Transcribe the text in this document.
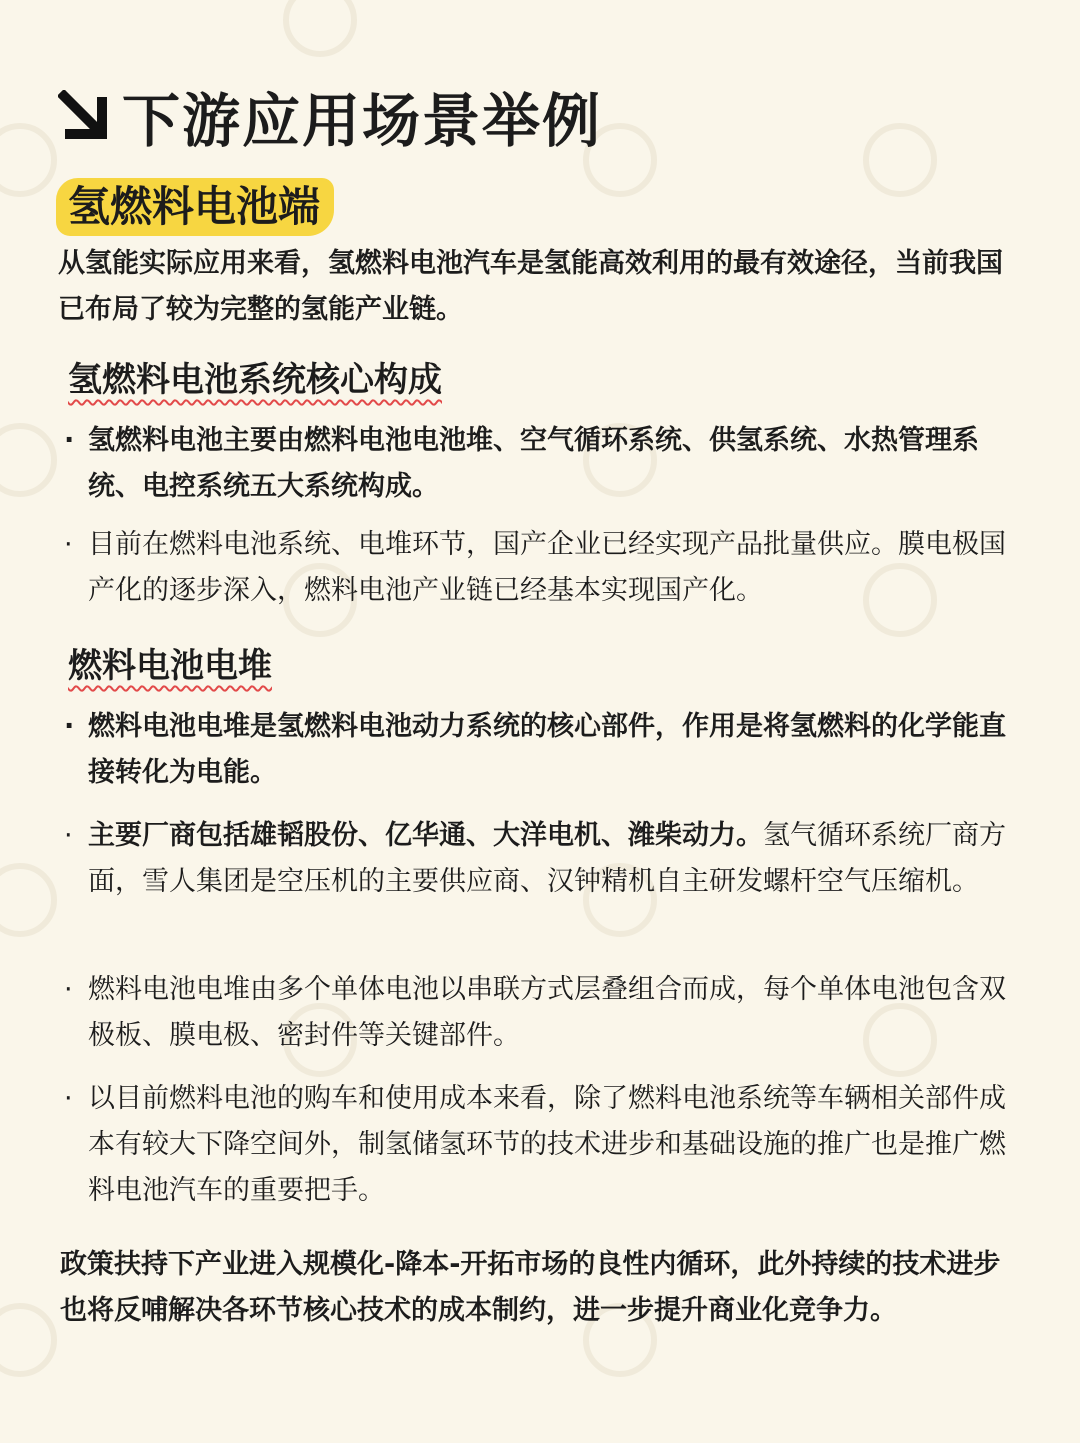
下游应用场景举例
氢燃料电池端
从氢能实际应用来看，氢燃料电池汽车是氢能高效利用的最有效途径，当前我国已布局了较为完整的氢能产业链。
氢燃料电池系统核心构成
· 氢燃料电池主要由燃料电池电池堆、空气循环系统、供氢系统、水热管理系统、电控系统五大系统构成。
· 目前在燃料电池系统、电堆环节，国产企业已经实现产品批量供应。膜电极国产化的逐步深入，燃料电池产业链已经基本实现国产化。
燃料电池电堆
· 燃料电池电堆是氢燃料电池动力系统的核心部件，作用是将氢燃料的化学能直接转化为电能。
· 主要厂商包括雄韬股份、亿华通、大洋电机、潍柴动力。氢气循环系统厂商方面，雪人集团是空压机的主要供应商、汉钟精机自主研发螺杆空气压缩机。
· 燃料电池电堆由多个单体电池以串联方式层叠组合而成，每个单体电池包含双极板、膜电极、密封件等关键部件。
· 以目前燃料电池的购车和使用成本来看，除了燃料电池系统等车辆相关部件成本有较大下降空间外，制氢储氢环节的技术进步和基础设施的推广也是推广燃料电池汽车的重要把手。
政策扶持下产业进入规模化-降本-开拓市场的良性内循环，此外持续的技术进步也将反哺解决各环节核心技术的成本制约，进一步提升商业化竞争力。
